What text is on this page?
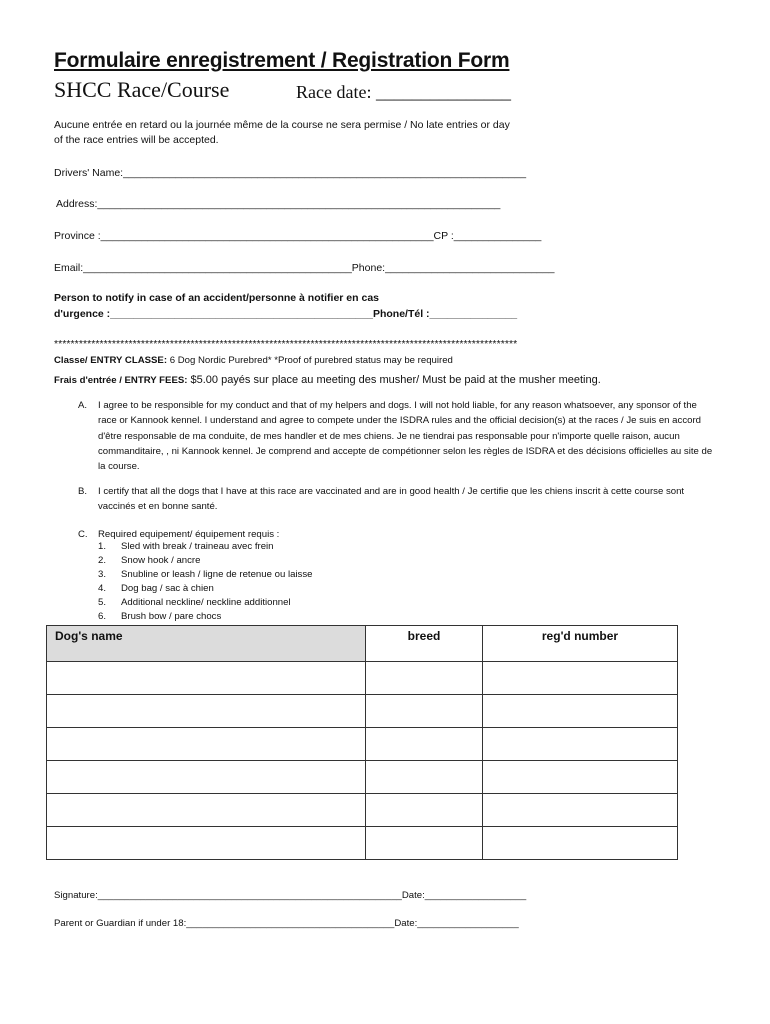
Formulaire enregistrement / Registration Form
SHCC Race/Course	Race date: _______________
Aucune entrée en retard ou la journée même de la course ne sera permise / No late entries or day
of the race entries will be accepted.
Drivers' Name:_____________________________________________________________________
Address:_____________________________________________________________________
Province :_________________________________________________________CP :_______________
Email:______________________________________________Phone:_____________________________
Person to notify in case of an accident/personne à notifier en cas
d'urgence :_____________________________________________Phone/Tél :_______________
****************************************************************************************************************
Classe/ ENTRY CLASSE: 6 Dog Nordic Purebred* *Proof of purebred status may be required
Frais d'entrée / ENTRY FEES: $5.00 payés sur place au meeting des musher/ Must be paid at the musher meeting.
A. I agree to be responsible for my conduct and that of my helpers and dogs. I will not hold liable, for any reason whatsoever, any sponsor of the race or Kannook kennel. I understand and agree to compete under the ISDRA rules and the official decision(s) at the races / Je suis en accord d'être responsable de ma conduite, de mes handler et de mes chiens. Je ne tiendrai pas responsable pour n'importe quelle raison, aucun commanditaire, , ni Kannook kennel. Je comprend and accepte de compétionner selon les règles de ISDRA et des décisions officielles au site de la course.
B. I certify that all the dogs that I have at this race are vaccinated and are in good health / Je certifie que les chiens inscrit à cette course sont vaccinés et en bonne santé.
C. Required equipement/ équipement requis :
1. Sled with break / traineau avec frein
2. Snow hook / ancre
3. Snubline or leash / ligne de retenue ou laisse
4. Dog bag / sac à chien
5. Additional neckline/ neckline additionnel
6. Brush bow / pare chocs
Dog's name	breed	reg'd number

Signature:_________________________________________________________Date:___________________
Parent or Guardian if under 18:_______________________________________Date:___________________
